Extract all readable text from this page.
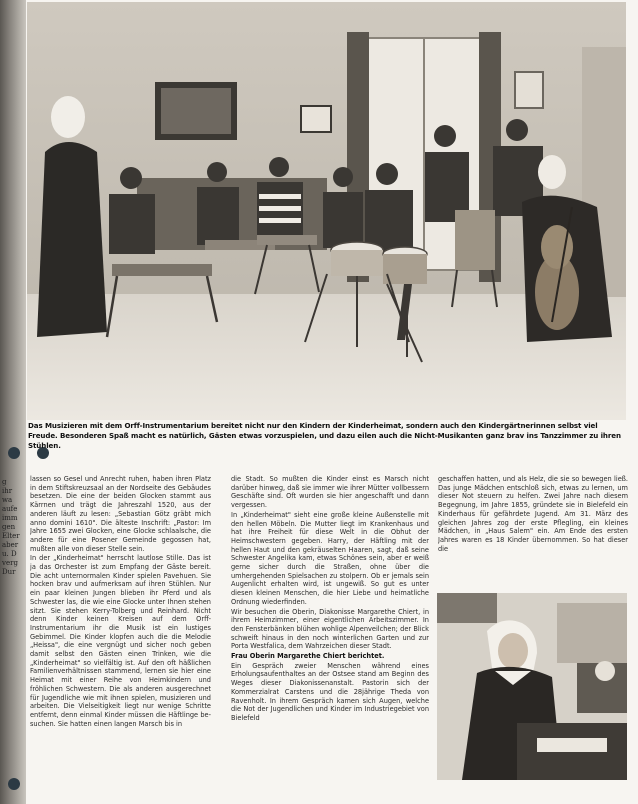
g
ihr
wa
aufe
imm
gen
Elter
aber
u. D
verg
Dur
Das Musizieren mit dem Orff-Instrumentarium bereitet nicht nur den Kindern der Kinderheimat, sondern auch den Kindergärtnerinnen selbst viel Freude. Besonderen Spaß macht es natürlich, Gästen etwas vorzuspielen, und dazu eilen auch die Nicht-Musikanten ganz brav ins Tanzzimmer zu ihren Stühlen.

lassen so Gesel und Anrecht ruhen, haben ihren Platz in dem Stiftskreuzsaal an der Nordseite des Gebäudes besetzen. Die eine der beiden Glocken stammt aus Kärrnen und trägt die Jahreszahl 1520, aus der anderen läuft zu lesen: „Sebastian Götz gräbt mich anno domini 1610". Die älteste Inschrift: „Pastor: Im Jahre 1655 zwei Glocken, eine Glocke schlaalsche, die andere für eine Posener Gemeinde gegossen hat, mußten alle von dieser Stelle sein.

In der „Kinderheimat" herrscht lautlose Stille. Das ist ja das Orchester ist zum Empfang der Gäste bereit. Die acht unternormalen Kinder spielen Pavehuen. Sie hocken brav und aufmerksam auf ihren Stühlen. Nur ein paar kleinen Jungen blieben ihr Pferd und als Schwester las, die wie eine Glocke unter Ihnen stehen sitzt. Sie stehen Kerry-Tolberg und Reinhard. Nicht denn Kinder keinen Kreisen auf dem Orff-Instrumentarium ihr die Musik ist ein lustiges Gebimmel. Die Kinder klopfen auch die die Melodie „Heissa", die eine vergnügt und sicher noch geben damit selbst den Gästen einen Trinken, wie die „Kinderheimat" so vielfältig ist. Auf den oft häßlichen Familienverhältnissen stammend, lernen sie hier eine Heimat mit einer Reihe von Heimkindern und fröhlichen Schwestern. Die als anderen ausgerechnet für Jugendliche wie mit ihnen spielen, musizieren und arbeiten. Die Vielseitigkeit liegt nur wenige Schritte entfernt, denn einmal Kinder müssen die Häftlinge be-suchen. Sie hatten einen langen Marsch bis in

die Stadt. So mußten die Kinder einst es Marsch nicht darüber hinweg, daß sie immer wie ihrer Mütter vollbessern Geschäfte sind. Oft wurden sie hier angeschafft und dann vergessen.

In „Kinderheimat" sieht eine große kleine Außenstelle mit den hellen Möbeln. Die Mutter liegt im Krankenhaus und hat ihre Freiheit für diese Welt in die Obhut der Heimschwestern gegeben. Harry, der Häftling mit der hellen Haut und den gekräuselten Haaren, sagt, daß seine Schwester Angelika kam, etwas Schönes sein, aber er weiß gerne sicher durch die Straßen, ohne über die umhergehenden Spielsachen zu stolpern. Ob er jemals sein Augenlicht erhalten wird, ist ungewiß. So gut es unter diesen kleinen Menschen, die hier Liebe und heimatliche Ordnung wiederfinden.

Wir besuchen die Oberin, Diakonisse Margarethe Chiert, in ihrem Heimzimmer, einer eigentlichen Arbeitszimmer. In den Fensterbänken blühen wohlige Alpenveilchen; der Blick schweift hinaus in den noch winterlichen Garten und zur Porta Westfalica, dem Wahrzeichen dieser Stadt.

Frau Oberin Margarethe Chiert berichtet.

Ein Gespräch zweier Menschen während eines Erholungsaufenthaltes an der Ostsee stand am Beginn des Weges dieser Diakonissenanstalt. Pastorin sich der Kommerzialrat Carstens und die 28jährige Theda von Ravenholt. In ihrem Gespräch kamen sich Augen, welche die Not der Jugendlichen und Kinder im Industriegebiet von Bielefeld

geschaffen hatten, und als Helz, die sie so bewegen ließ. Das junge Mädchen entschloß sich, etwas zu lernen, um dieser Not steuern zu helfen. Zwei Jahre nach diesem Begegnung, im Jahre 1855, gründete sie in Bielefeld ein Kinderhaus für gefährdete Jugend. Am 31. März des gleichen Jahres zog der erste Pflegling, ein kleines Mädchen, in „Haus Salem" ein. Am Ende des ersten Jahres waren es 18 Kinder übernommen. So hat dieser die
